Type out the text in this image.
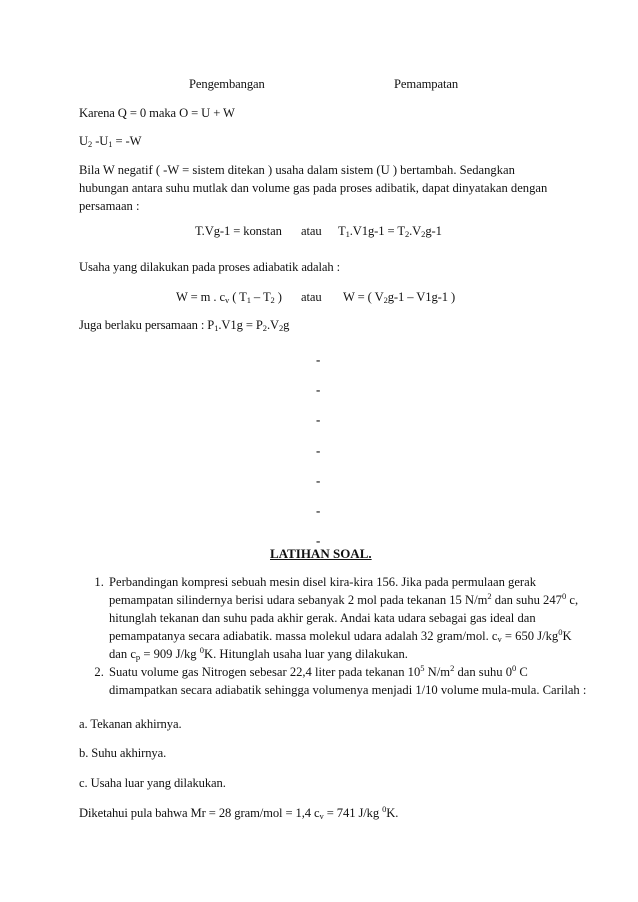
Pengembangan	Pemampatan
Karena Q = 0 maka O = U + W
$U_2$ $-U_1 = -W$
Bila W negatif ( -W = sistem ditekan ) usaha dalam sistem (U ) bertambah. Sedangkan hubungan antara suhu mutlak dan volume gas pada proses adibatik, dapat dinyatakan dengan persamaan :
T.Vg-1 = konstan atau $T_1.V1g-1 = T_2.V_2g-1$
Usaha yang dilakukan pada proses adiabatik adalah :
W = m . $c_v$ ( $T_1 - T_2$ ) atau W = ( $V_2g-1 - V1g-1$ )
Juga berlaku persamaan : $P_1.V1g = P_2.V_2g$
-
-
-
-
-
-
-
LATIHAN SOAL.
1. Perbandingan kompresi sebuah mesin disel kira-kira 156. Jika pada permulaan gerak pemampatan silindernya berisi udara sebanyak 2 mol pada tekanan 15 $N/m^2$ dan suhu $247^0$ c, hitunglah tekanan dan suhu pada akhir gerak. Andai kata udara sebagai gas ideal dan pemampatanya secara adiabatik. massa molekul udara adalah 32 gram/mol. $c_v = 650$ $J/kg^0K$ dan $c_p = 909$ J/kg $^0$K. Hitunglah usaha luar yang dilakukan.
2. Suatu volume gas Nitrogen sebesar 22,4 liter pada tekanan $10^5$ $N/m^2$ dan suhu $0^0$ C dimampatkan secara adiabatik sehingga volumenya menjadi 1/10 volume mula-mula. Carilah :
a. Tekanan akhirnya.
b. Suhu akhirnya.
c. Usaha luar yang dilakukan.
Diketahui pula bahwa Mr = 28 gram/mol = 1,4 $c_v = 741$ J/kg $^0$K.
